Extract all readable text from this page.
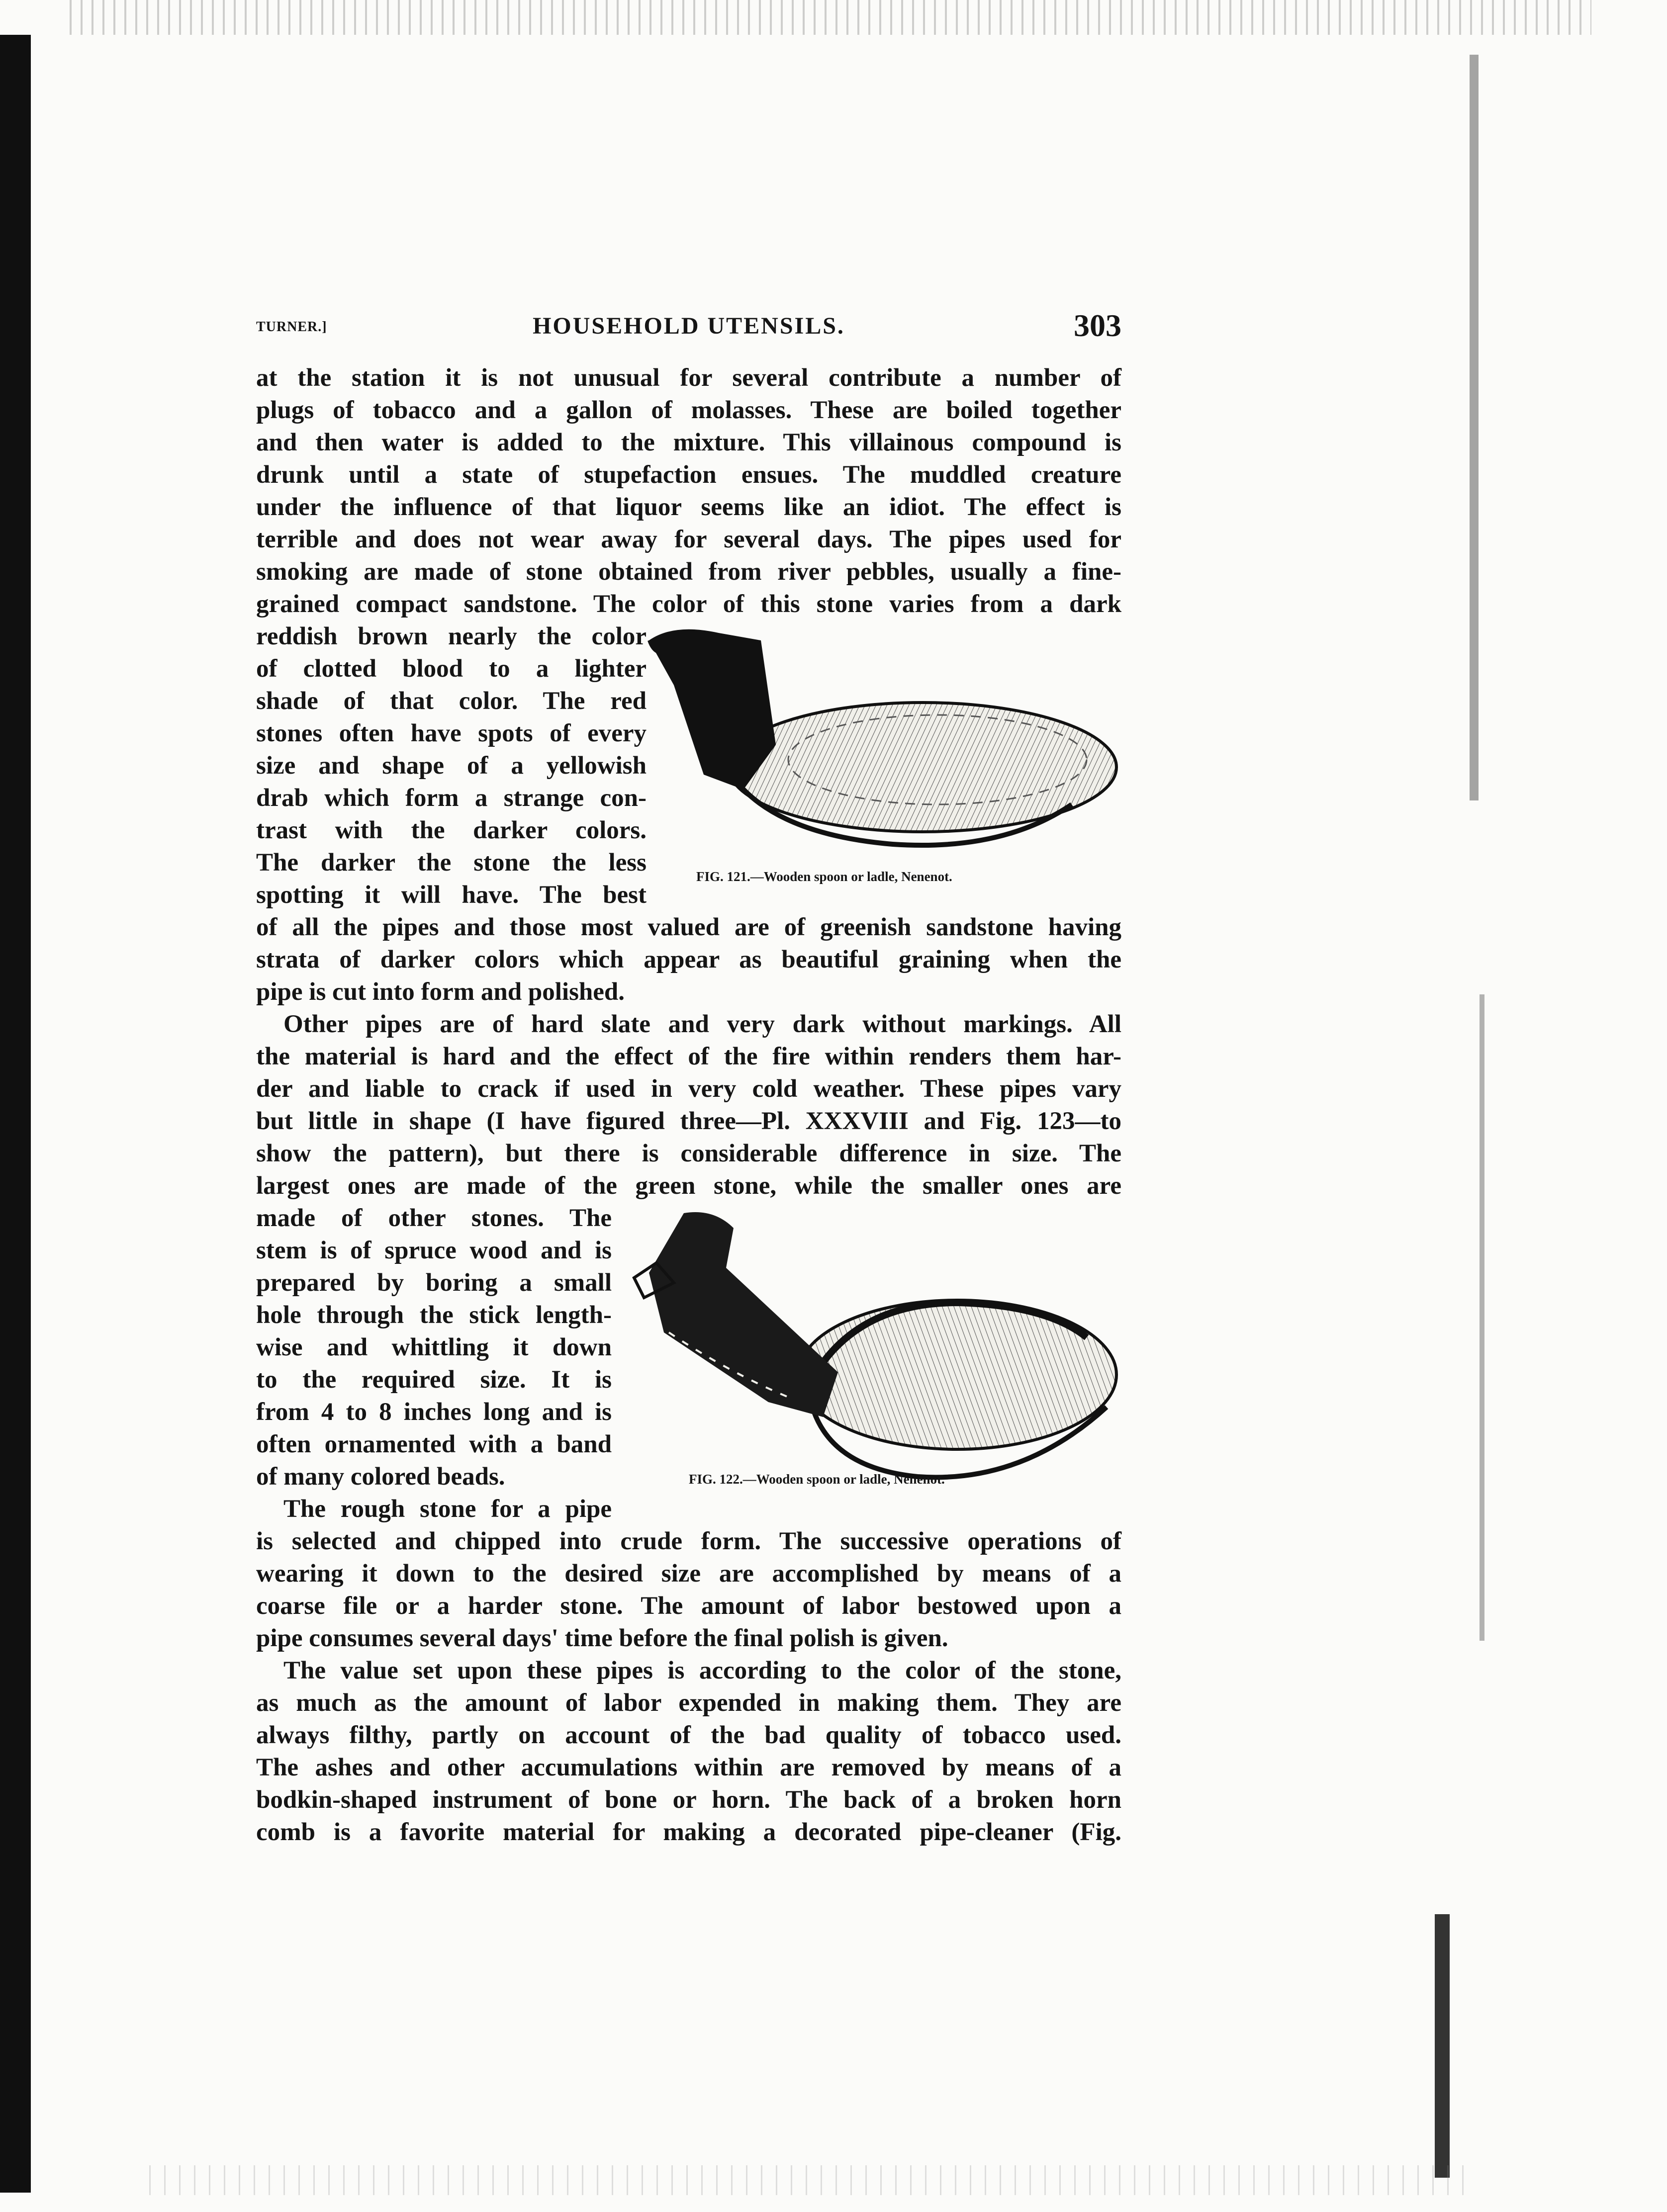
TURNER.]	HOUSEHOLD UTENSILS.	303
at the station it is not unusual for several contribute a number of
plugs of tobacco and a gallon of molasses. These are boiled together
and then water is added to the mixture. This villainous compound is
drunk until a state of stupefaction ensues. The muddled creature
under the influence of that liquor seems like an idiot. The effect is
terrible and does not wear away for several days. The pipes used for
smoking are made of stone obtained from river pebbles, usually a fine-
grained compact sandstone. The color of this stone varies from a dark
reddish brown nearly the color
of clotted blood to a lighter
shade of that color. The red
stones often have spots of every
size and shape of a yellowish
drab which form a strange con-
trast with the darker colors.
The darker the stone the less
spotting it will have. The best
of all the pipes and those most valued are of greenish sandstone having
strata of darker colors which appear as beautiful graining when the
pipe is cut into form and polished.
Other pipes are of hard slate and very dark without markings. All
the material is hard and the effect of the fire within renders them har-
der and liable to crack if used in very cold weather. These pipes vary
but little in shape (I have figured three—Pl. XXXVIII and Fig. 123—to
show the pattern), but there is considerable difference in size. The
largest ones are made of the green stone, while the smaller ones are
made of other stones. The
stem is of spruce wood and is
prepared by boring a small
hole through the stick length-
wise and whittling it down
to the required size. It is
from 4 to 8 inches long and is
often ornamented with a band
of many colored beads.
The rough stone for a pipe
is selected and chipped into crude form. The successive operations of
wearing it down to the desired size are accomplished by means of a
coarse file or a harder stone. The amount of labor bestowed upon a
pipe consumes several days' time before the final polish is given.
The value set upon these pipes is according to the color of the stone,
as much as the amount of labor expended in making them. They are
always filthy, partly on account of the bad quality of tobacco used.
The ashes and other accumulations within are removed by means of a
bodkin-shaped instrument of bone or horn. The back of a broken horn
comb is a favorite material for making a decorated pipe-cleaner (Fig.
FIG. 121.—Wooden spoon or ladle, Nenenot.
FIG. 122.—Wooden spoon or ladle, Nenenot.
